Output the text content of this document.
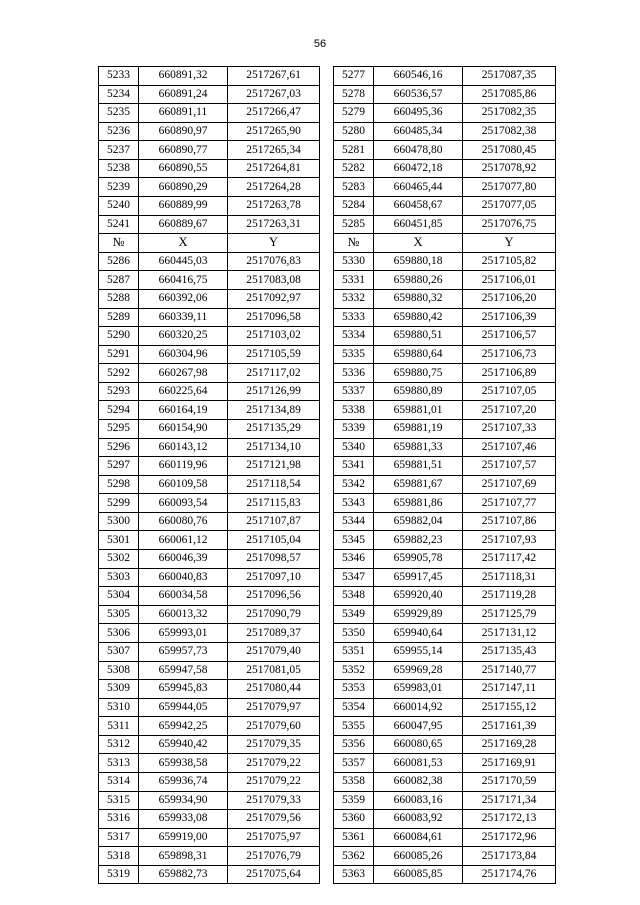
56
5233	660891,32	2517267,61		5277	660546,16	2517087,35
5234	660891,24	2517267,03		5278	660536,57	2517085,86
5235	660891,11	2517266,47		5279	660495,36	2517082,35
5236	660890,97	2517265,90		5280	660485,34	2517082,38
5237	660890,77	2517265,34		5281	660478,80	2517080,45
5238	660890,55	2517264,81		5282	660472,18	2517078,92
5239	660890,29	2517264,28		5283	660465,44	2517077,80
5240	660889,99	2517263,78		5284	660458,67	2517077,05
5241	660889,67	2517263,31		5285	660451,85	2517076,75
№	X	Y		№	X	Y
5286	660445,03	2517076,83		5330	659880,18	2517105,82
5287	660416,75	2517083,08		5331	659880,26	2517106,01
5288	660392,06	2517092,97		5332	659880,32	2517106,20
5289	660339,11	2517096,58		5333	659880,42	2517106,39
5290	660320,25	2517103,02		5334	659880,51	2517106,57
5291	660304,96	2517105,59		5335	659880,64	2517106,73
5292	660267,98	2517117,02		5336	659880,75	2517106,89
5293	660225,64	2517126,99		5337	659880,89	2517107,05
5294	660164,19	2517134,89		5338	659881,01	2517107,20
5295	660154,90	2517135,29		5339	659881,19	2517107,33
5296	660143,12	2517134,10		5340	659881,33	2517107,46
5297	660119,96	2517121,98		5341	659881,51	2517107,57
5298	660109,58	2517118,54		5342	659881,67	2517107,69
5299	660093,54	2517115,83		5343	659881,86	2517107,77
5300	660080,76	2517107,87		5344	659882,04	2517107,86
5301	660061,12	2517105,04		5345	659882,23	2517107,93
5302	660046,39	2517098,57		5346	659905,78	2517117,42
5303	660040,83	2517097,10		5347	659917,45	2517118,31
5304	660034,58	2517096,56		5348	659920,40	2517119,28
5305	660013,32	2517090,79		5349	659929,89	2517125,79
5306	659993,01	2517089,37		5350	659940,64	2517131,12
5307	659957,73	2517079,40		5351	659955,14	2517135,43
5308	659947,58	2517081,05		5352	659969,28	2517140,77
5309	659945,83	2517080,44		5353	659983,01	2517147,11
5310	659944,05	2517079,97		5354	660014,92	2517155,12
5311	659942,25	2517079,60		5355	660047,95	2517161,39
5312	659940,42	2517079,35		5356	660080,65	2517169,28
5313	659938,58	2517079,22		5357	660081,53	2517169,91
5314	659936,74	2517079,22		5358	660082,38	2517170,59
5315	659934,90	2517079,33		5359	660083,16	2517171,34
5316	659933,08	2517079,56		5360	660083,92	2517172,13
5317	659919,00	2517075,97		5361	660084,61	2517172,96
5318	659898,31	2517076,79		5362	660085,26	2517173,84
5319	659882,73	2517075,64		5363	660085,85	2517174,76
